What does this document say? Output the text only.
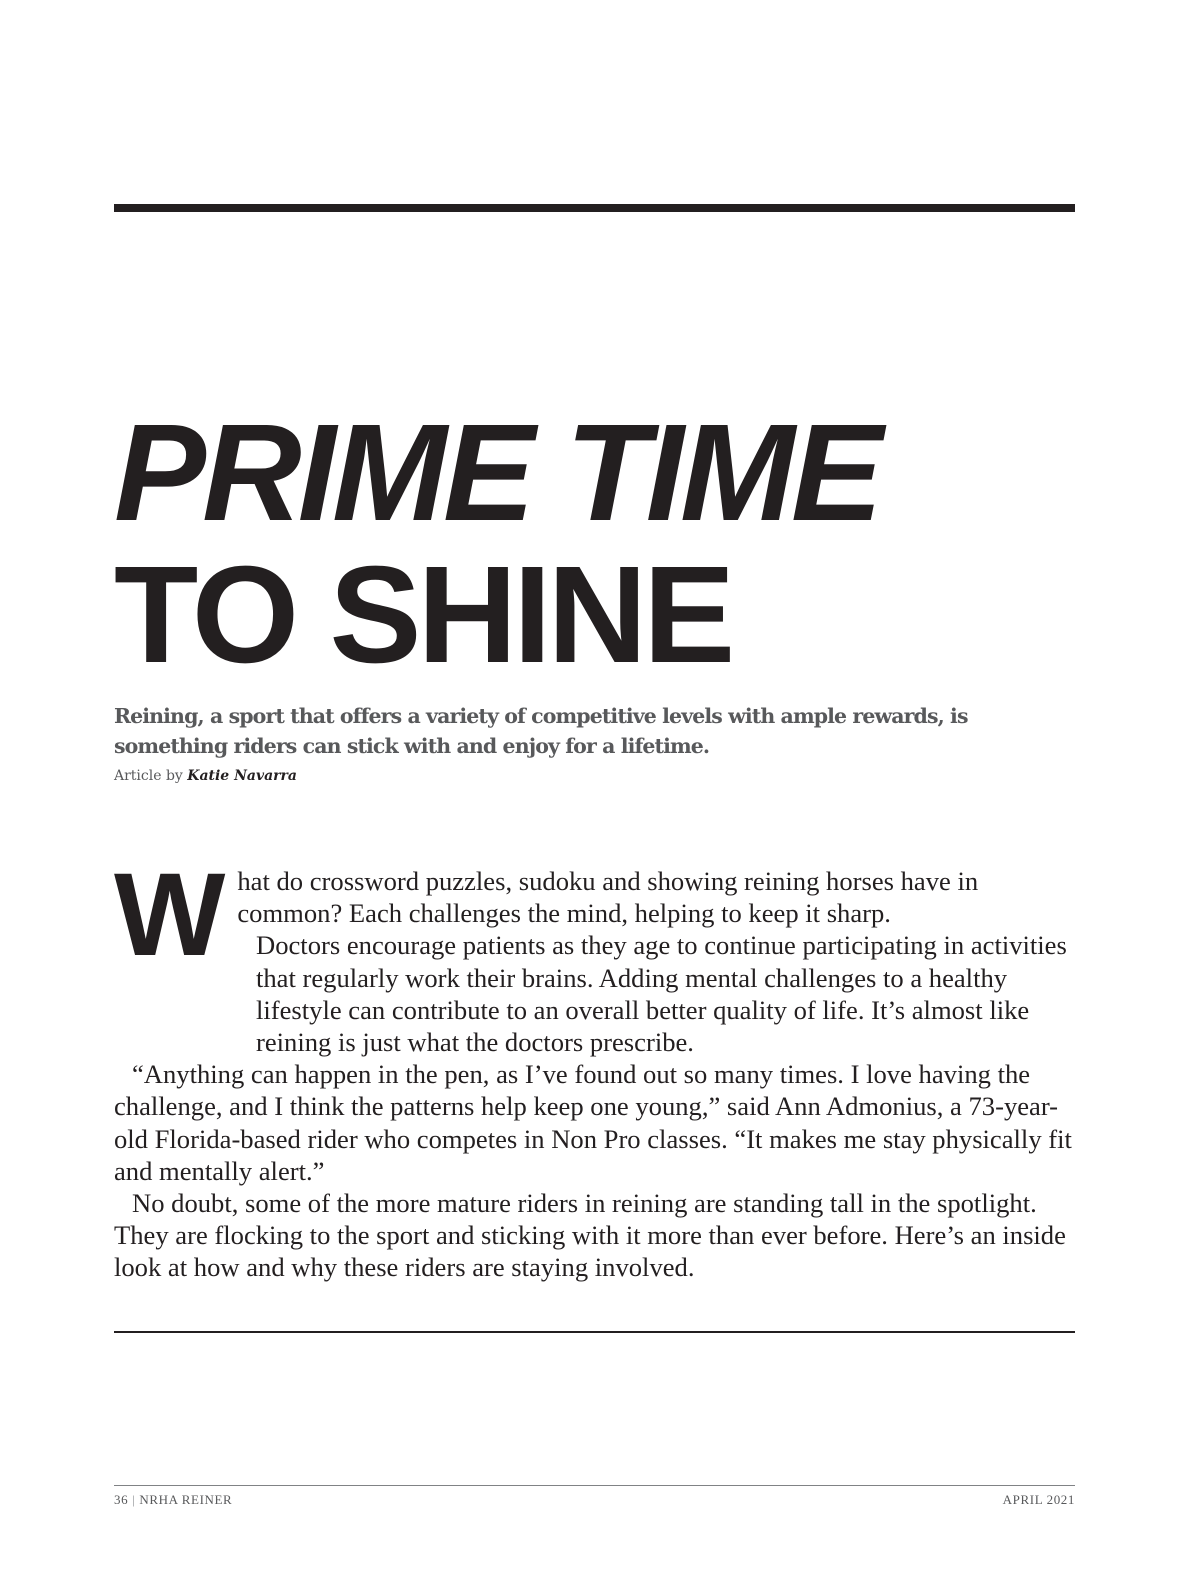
PRIME TIME
TO SHINE

Reining, a sport that offers a variety of competitive levels with ample rewards, is something riders can stick with and enjoy for a lifetime.

Article by Katie Navarra

W hat do crossword puzzles, sudoku and showing reining horses have in common? Each challenges the mind, helping to keep it sharp.

Doctors encourage patients as they age to continue participating in activities that regularly work their brains. Adding mental challenges to a healthy lifestyle can contribute to an overall better quality of life. It’s almost like reining is just what the doctors prescribe.

“Anything can happen in the pen, as I’ve found out so many times. I love having the challenge, and I think the patterns help keep one young,” said Ann Admonius, a 73-year-old Florida-based rider who competes in Non Pro classes. “It makes me stay physically fit and mentally alert.”

No doubt, some of the more mature riders in reining are standing tall in the spotlight. They are flocking to the sport and sticking with it more than ever before. Here’s an inside look at how and why these riders are staying involved.

36 | NRHA REINER	APRIL 2021
